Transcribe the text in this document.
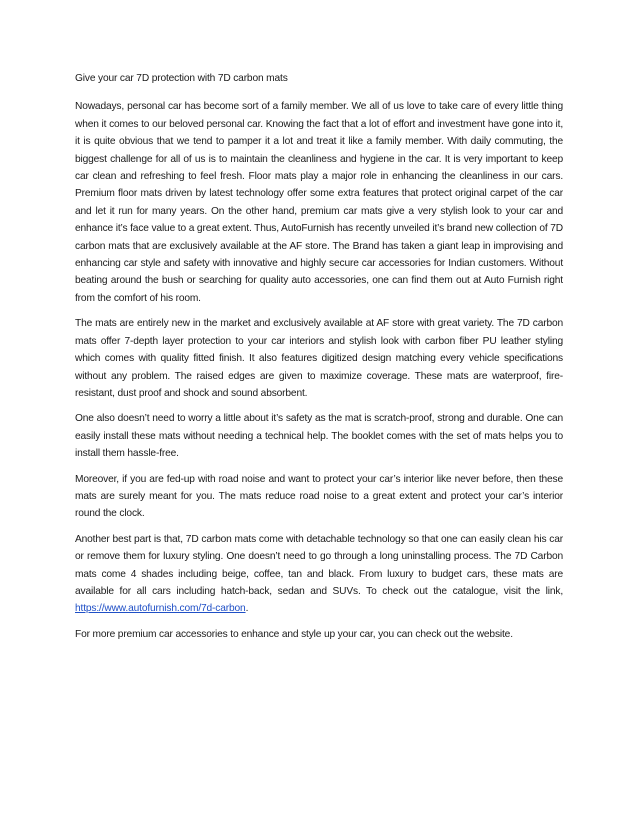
Give your car 7D protection with 7D carbon mats

Nowadays, personal car has become sort of a family member. We all of us love to take care of every little thing when it comes to our beloved personal car. Knowing the fact that a lot of effort and investment have gone into it, it is quite obvious that we tend to pamper it a lot and treat it like a family member. With daily commuting, the biggest challenge for all of us is to maintain the cleanliness and hygiene in the car. It is very important to keep car clean and refreshing to feel fresh. Floor mats play a major role in enhancing the cleanliness in our cars. Premium floor mats driven by latest technology offer some extra features that protect original carpet of the car and let it run for many years. On the other hand, premium car mats give a very stylish look to your car and enhance it’s face value to a great extent. Thus, AutoFurnish has recently unveiled it’s brand new collection of 7D carbon mats that are exclusively available at the AF store. The Brand has taken a giant leap in improvising and enhancing car style and safety with innovative and highly secure car accessories for Indian customers. Without beating around the bush or searching for quality auto accessories, one can find them out at Auto Furnish right from the comfort of his room.

The mats are entirely new in the market and exclusively available at AF store with great variety. The 7D carbon mats offer 7-depth layer protection to your car interiors and stylish look with carbon fiber PU leather styling which comes with quality fitted finish. It also features digitized design matching every vehicle specifications without any problem. The raised edges are given to maximize coverage. These mats are waterproof, fire-resistant, dust proof and shock and sound absorbent.

One also doesn’t need to worry a little about it’s safety as the mat is scratch-proof, strong and durable. One can easily install these mats without needing a technical help. The booklet comes with the set of mats helps you to install them hassle-free.

Moreover, if you are fed-up with road noise and want to protect your car’s interior like never before, then these mats are surely meant for you. The mats reduce road noise to a great extent and protect your car’s interior round the clock.

Another best part is that, 7D carbon mats come with detachable technology so that one can easily clean his car or remove them for luxury styling. One doesn’t need to go through a long uninstalling process. The 7D Carbon mats come 4 shades including beige, coffee, tan and black. From luxury to budget cars, these mats are available for all cars including hatch-back, sedan and SUVs. To check out the catalogue, visit the link, https://www.autofurnish.com/7d-carbon.

For more premium car accessories to enhance and style up your car, you can check out the website.
